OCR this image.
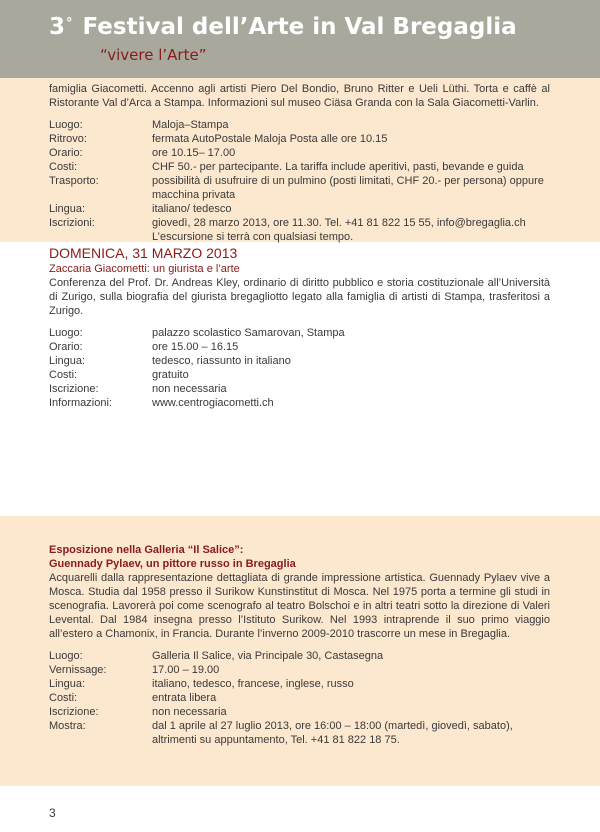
3° Festival dell’Arte in Val Bregaglia
“vivere l’Arte”
famiglia Giacometti. Accenno agli artisti Piero Del Bondio, Bruno Ritter e Ueli Lüthi. Torta e caffè al Ristorante Val d’Arca a Stampa. Informazioni sul museo Ciäsa Granda con la Sala Giacometti-Varlin.
Luogo:	Maloja–Stampa
Ritrovo:	fermata AutoPostale Maloja Posta alle ore 10.15
Orario:	ore 10.15– 17.00
Costi:	CHF 50.- per partecipante. La tariffa include aperitivi, pasti, bevande e guida
Trasporto:	possibilità di usufruire di un pulmino (posti limitati, CHF 20.- per persona) oppure macchina privata
Lingua:	italiano/ tedesco
Iscrizioni:	giovedì, 28 marzo 2013, ore 11.30. Tel. +41 81 822 15 55, info@bregaglia.ch
L’escursione si terrà con qualsiasi tempo.
DOMENICA, 31 MARZO 2013
Zaccaria Giacometti: un giurista e l’arte
Conferenza del Prof. Dr. Andreas Kley, ordinario di diritto pubblico e storia costituzionale all’Università di Zurigo, sulla biografia del giurista bregagliotto legato alla famiglia di artisti di Stampa, trasferitosi a Zurigo.
Luogo:	palazzo scolastico Samarovan, Stampa
Orario:	ore 15.00 – 16.15
Lingua:	tedesco, riassunto in italiano
Costi:	gratuito
Iscrizione:	non necessaria
Informazioni:	www.centrogiacometti.ch
Esposizione nella Galleria “Il Salice”:
Guennady Pylaev, un pittore russo in Bregaglia
Acquarelli dalla rappresentazione dettagliata di grande impressione artistica. Guennady Pylaev vive a Mosca. Studia dal 1958 presso il Surikow Kunstinstitut di Mosca. Nel 1975 porta a termine gli studi in scenografia. Lavorerà poi come scenografo al teatro Bolschoi e in altri teatri sotto la direzione di Valeri Levental. Dal 1984 insegna presso l’Istituto Surikow. Nel 1993 intraprende il suo primo viaggio all’estero a Chamonix, in Francia. Durante l’inverno 2009-2010 trascorre un mese in Bregaglia.
Luogo:	Galleria Il Salice, via Principale 30, Castasegna
Vernissage:	17.00 – 19.00
Lingua:	italiano, tedesco, francese, inglese, russo
Costi:	entrata libera
Iscrizione:	non necessaria
Mostra:	dal 1 aprile al 27 luglio 2013, ore 16:00 – 18:00 (martedì, giovedì, sabato), altrimenti su appuntamento, Tel. +41 81 822 18 75.
3
